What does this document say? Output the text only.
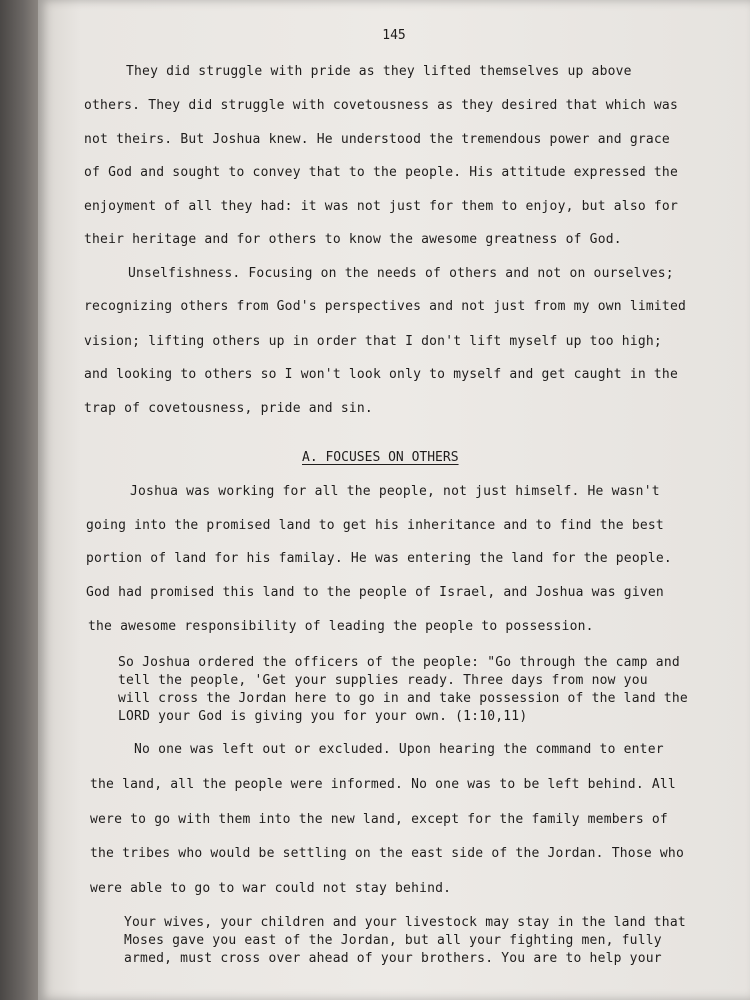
145
They did struggle with pride as they lifted themselves up above
others. They did struggle with covetousness as they desired that which was
not theirs. But Joshua knew. He understood the tremendous power and grace
of God and sought to convey that to the people. His attitude expressed the
enjoyment of all they had: it was not just for them to enjoy, but also for
their heritage and for others to know the awesome greatness of God.
Unselfishness. Focusing on the needs of others and not on ourselves;
recognizing others from God's perspectives and not just from my own limited
vision; lifting others up in order that I don't lift myself up too high;
and looking to others so I won't look only to myself and get caught in the
trap of covetousness, pride and sin.
A. FOCUSES ON OTHERS
Joshua was working for all the people, not just himself. He wasn't
going into the promised land to get his inheritance and to find the best
portion of land for his familay. He was entering the land for the people.
God had promised this land to the people of Israel, and Joshua was given
the awesome responsibility of leading the people to possession.
So Joshua ordered the officers of the people: "Go through the camp and
tell the people, 'Get your supplies ready. Three days from now you
will cross the Jordan here to go in and take possession of the land the
LORD your God is giving you for your own. (1:10,11)
No one was left out or excluded. Upon hearing the command to enter
the land, all the people were informed. No one was to be left behind. All
were to go with them into the new land, except for the family members of
the tribes who would be settling on the east side of the Jordan. Those who
were able to go to war could not stay behind.
Your wives, your children and your livestock may stay in the land that
Moses gave you east of the Jordan, but all your fighting men, fully
armed, must cross over ahead of your brothers. You are to help your
